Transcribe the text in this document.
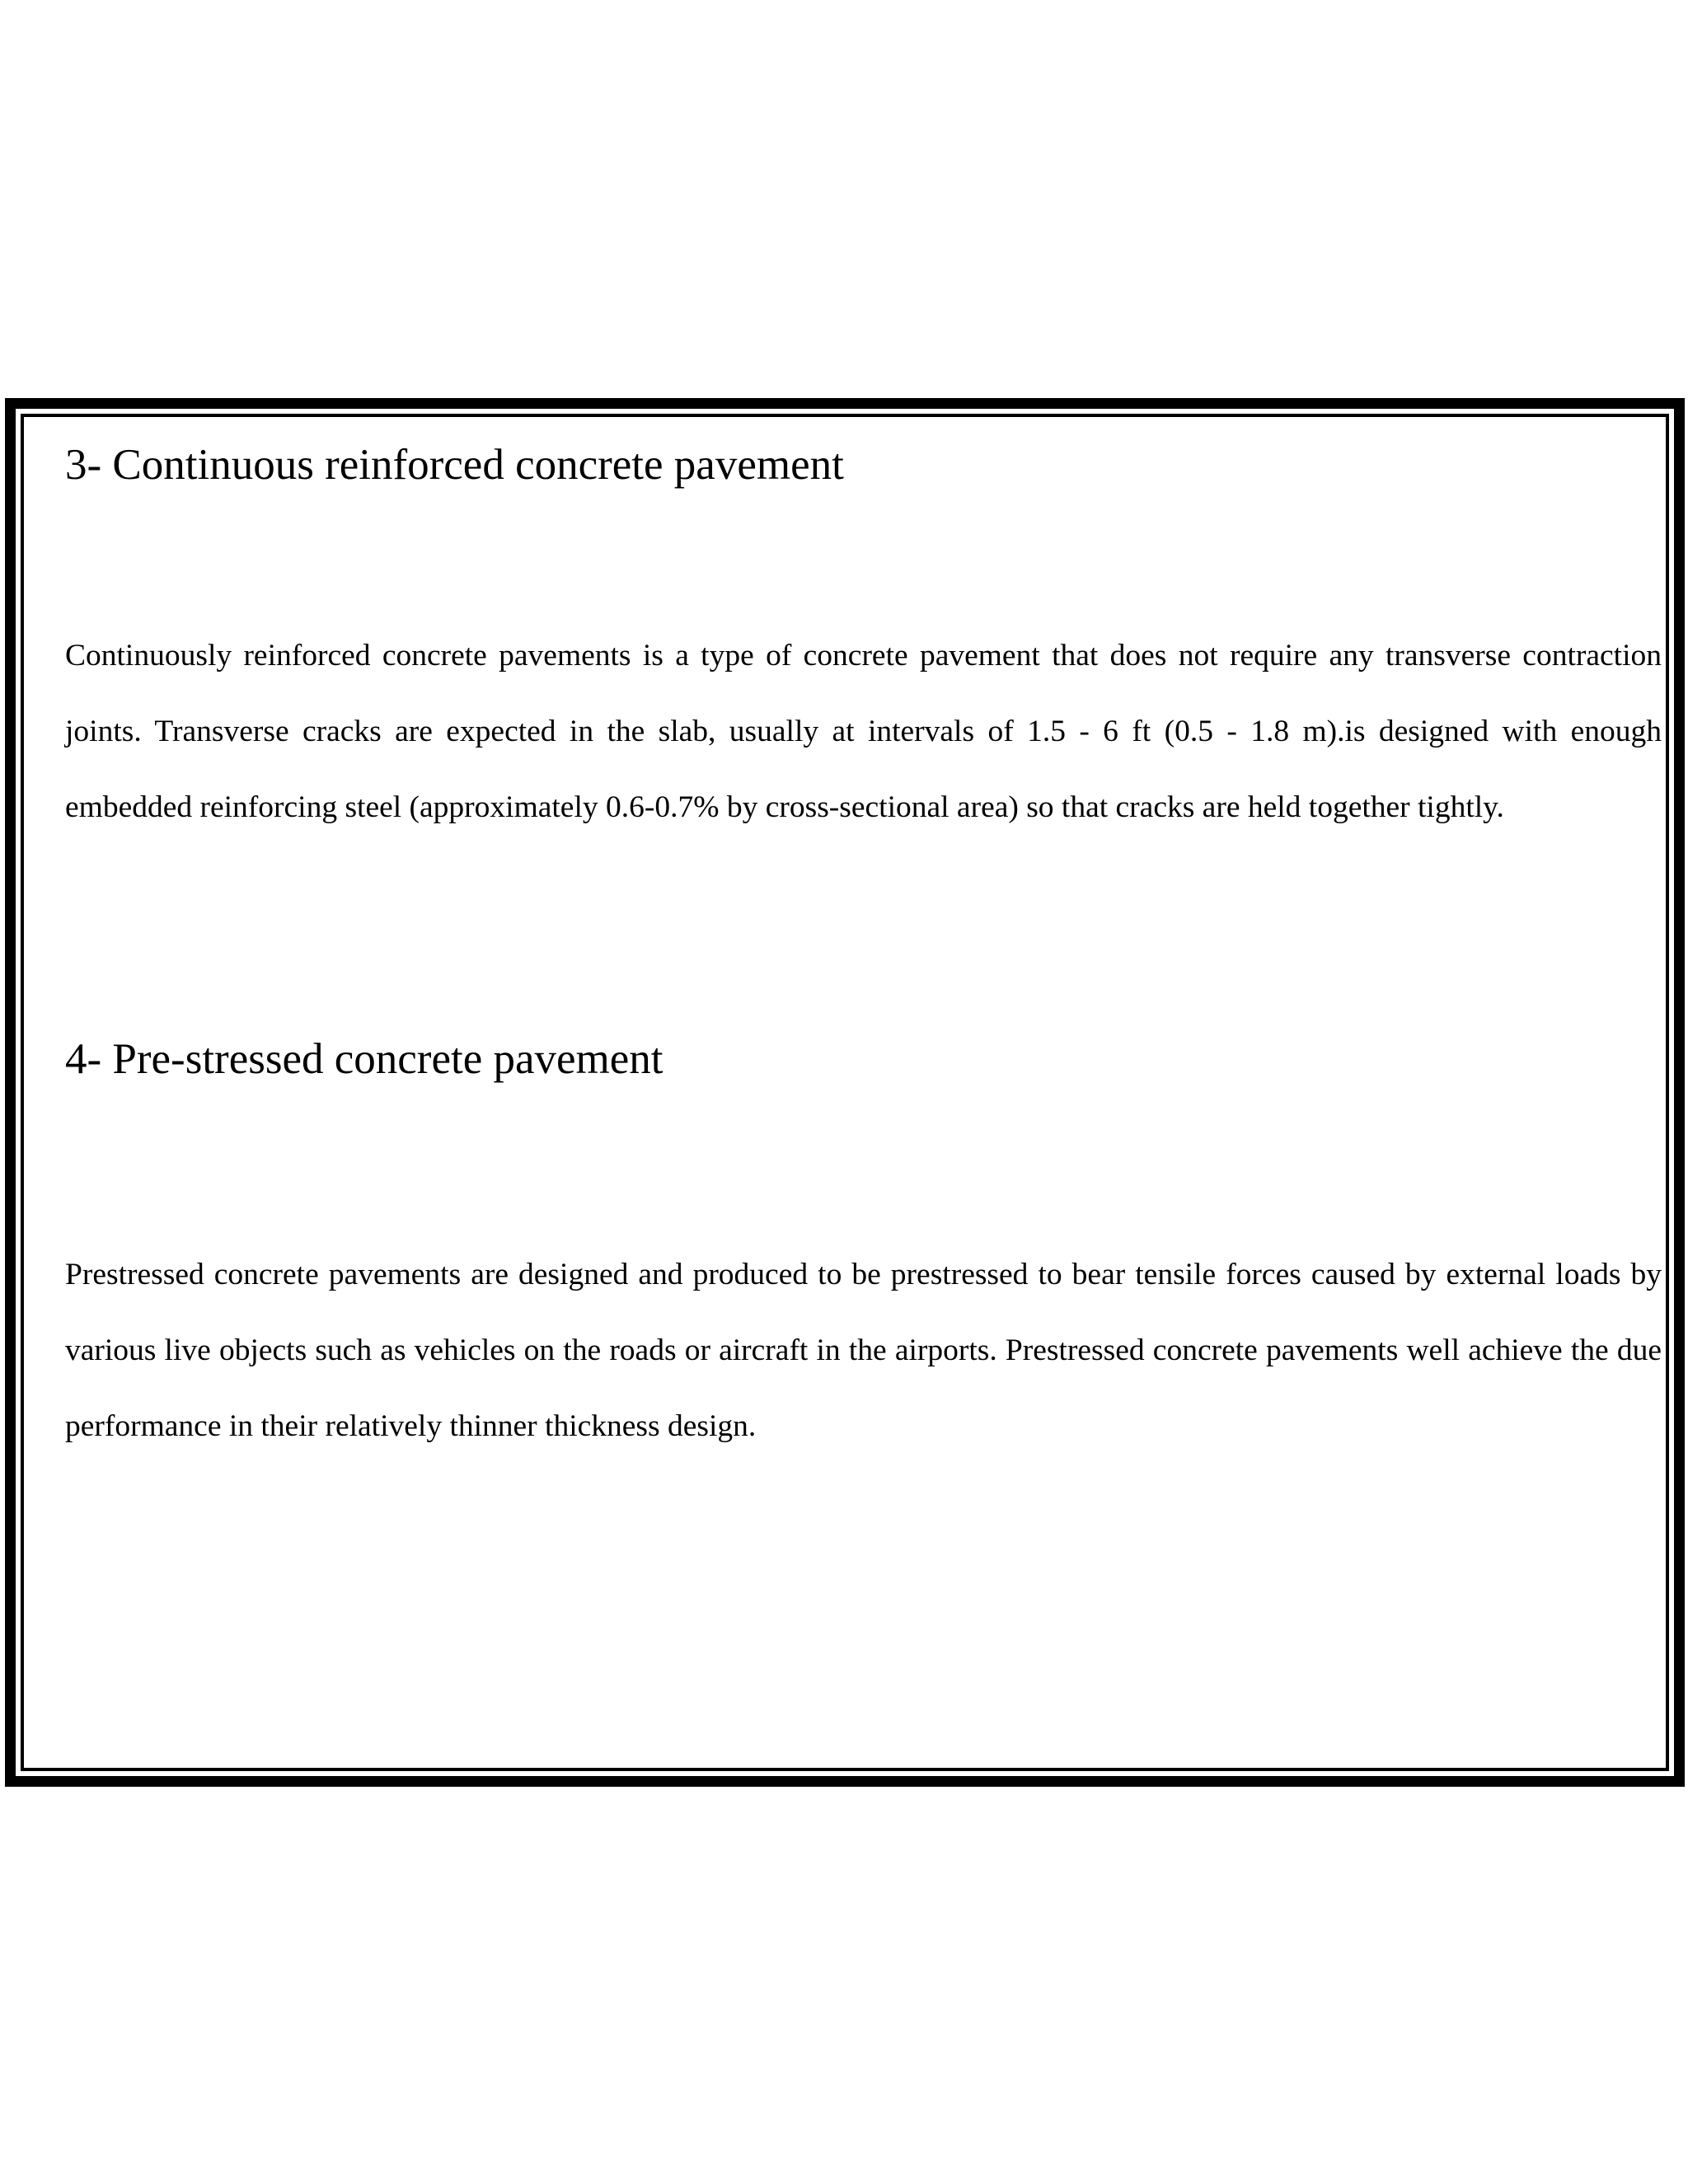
3- Continuous reinforced concrete pavement

Continuously reinforced concrete pavements is a type of concrete pavement that does not require any transverse contraction joints. Transverse cracks are expected in the slab, usually at intervals of 1.5 - 6 ft (0.5 - 1.8 m).is designed with enough embedded reinforcing steel (approximately 0.6-0.7% by cross-sectional area) so that cracks are held together tightly.

4- Pre-stressed concrete pavement

Prestressed concrete pavements are designed and produced to be prestressed to bear tensile forces caused by external loads by various live objects such as vehicles on the roads or aircraft in the airports. Prestressed concrete pavements well achieve the due performance in their relatively thinner thickness design.
